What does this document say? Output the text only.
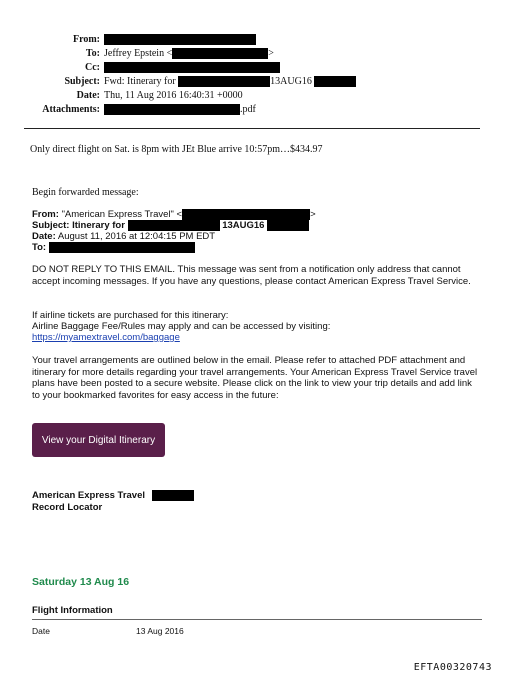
From:
To: Jeffrey Epstein <	>
Cc:
Subject: Fwd: Itinerary for	13AUG16
Date: Thu, 11 Aug 2016 16:40:31 +0000
Attachments:	.pdf
Only direct flight on Sat. is 8pm with JEt Blue arrive 10:57pm…$434.97
Begin forwarded message:
From: "American Express Travel" <	>
Subject: Itinerary for	13AUG16
Date: August 11, 2016 at 12:04:15 PM EDT
To:
DO NOT REPLY TO THIS EMAIL. This message was sent from a notification only address that cannot accept incoming messages. If you have any questions, please contact American Express Travel Service.
If airline tickets are purchased for this itinerary:
Airline Baggage Fee/Rules may apply and can be accessed by visiting:
https://myamextravel.com/baggage
Your travel arrangements are outlined below in the email. Please refer to attached PDF attachment and itinerary for more details regarding your travel arrangements. Your American Express Travel Service travel plans have been posted to a secure website. Please click on the link to view your trip details and add link to your bookmarked favorites for easy access in the future:
View your Digital Itinerary
American Express Travel
Record Locator
Saturday 13 Aug 16
Flight Information
Date	13 Aug 2016
EFTA00320743
